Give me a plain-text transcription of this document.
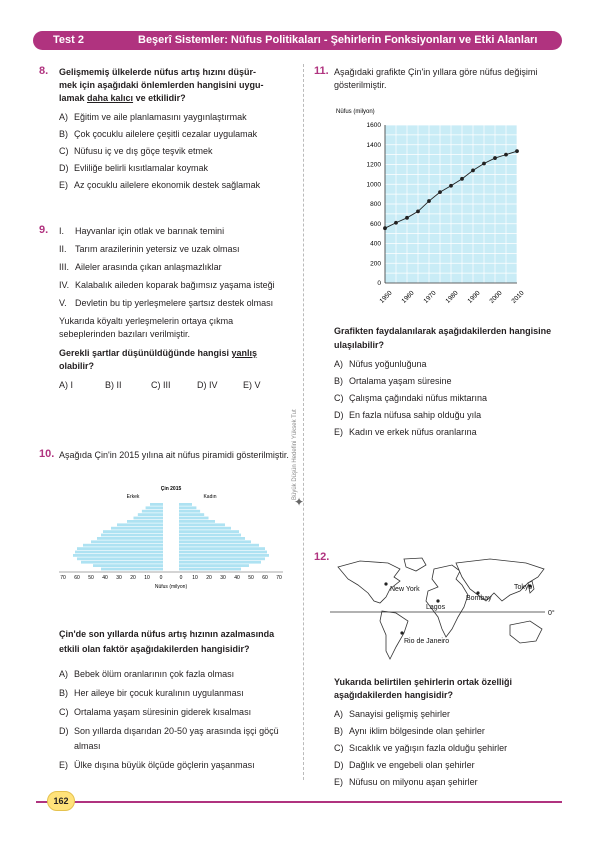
Test 2	Beşerî Sistemler: Nüfus Politikaları - Şehirlerin Fonksiyonları ve Etki Alanları
8. Gelişmemiş ülkelerde nüfus artış hızını düşür-
mek için aşağıdaki önlemlerden hangisini uygu-
lamak daha kalıcı ve etkilidir?
A) Eğitim ve aile planlamasını yaygınlaştırmak
B) Çok çocuklu ailelere çeşitli cezalar uygulamak
C) Nüfusu iç ve dış göçe teşvik etmek
D) Evliliğe belirli kısıtlamalar koymak
E) Az çocuklu ailelere ekonomik destek sağlamak
9. I.	Hayvanlar için otlak ve barınak temini
II. Tarım arazilerinin yetersiz ve uzak olması
III. Aileler arasında çıkan anlaşmazlıklar
IV. Kalabalık aileden koparak bağımsız yaşama isteği
V. Devletin bu tip yerleşmelere şartsız destek olması
Yukarıda köyaltı yerleşmelerin ortaya çıkma sebeplerinden bazıları verilmiştir.
Gerekli şartlar düşünüldüğünde hangisi yanlış olabilir?
A) I	B) II	C) III	D) IV	E) V
10. Aşağıda Çin'in 2015 yılına ait nüfus piramidi gösterilmiştir.
Çin 2015
Erkek	Kadın
70 60 50 40 30 20 10 0	0 10 20 30 40 50 60 70
Nüfus (milyon)
Çin'de son yıllarda nüfus artış hızının azalmasında etkili olan faktör aşağıdakilerden hangisidir?
A) Bebek ölüm oranlarının çok fazla olması
B) Her aileye bir çocuk kuralının uygulanması
C) Ortalama yaşam süresinin giderek kısalması
D) Son yıllarda dışarıdan 20-50 yaş arasında işçi göçü alması
E) Ülke dışına büyük ölçüde göçlerin yaşanması
Büyük Düşün Hedefini Yüksek Tut
✦
11. Aşağıdaki grafikte Çin'in yıllara göre nüfus değişimi gösterilmiştir.
Nüfus (milyon)
0
200
400
600
800
1000
1200
1400
1600
1950 1960 1970 1980 1990 2000 2010
Grafikten faydalanılarak aşağıdakilerden hangisine ulaşılabilir?
A) Nüfus yoğunluğuna
B) Ortalama yaşam süresine
C) Çalışma çağındaki nüfus miktarına
D) En fazla nüfusa sahip olduğu yıla
E) Kadın ve erkek nüfus oranlarına
12.
New York
Lagos
Bombay
Tokyo
Rio de Janeiro
0°
Yukarıda belirtilen şehirlerin ortak özelliği aşağıdakilerden hangisidir?
A) Sanayisi gelişmiş şehirler
B) Aynı iklim bölgesinde olan şehirler
C) Sıcaklık ve yağışın fazla olduğu şehirler
D) Dağlık ve engebeli olan şehirler
E) Nüfusu on milyonu aşan şehirler
162
